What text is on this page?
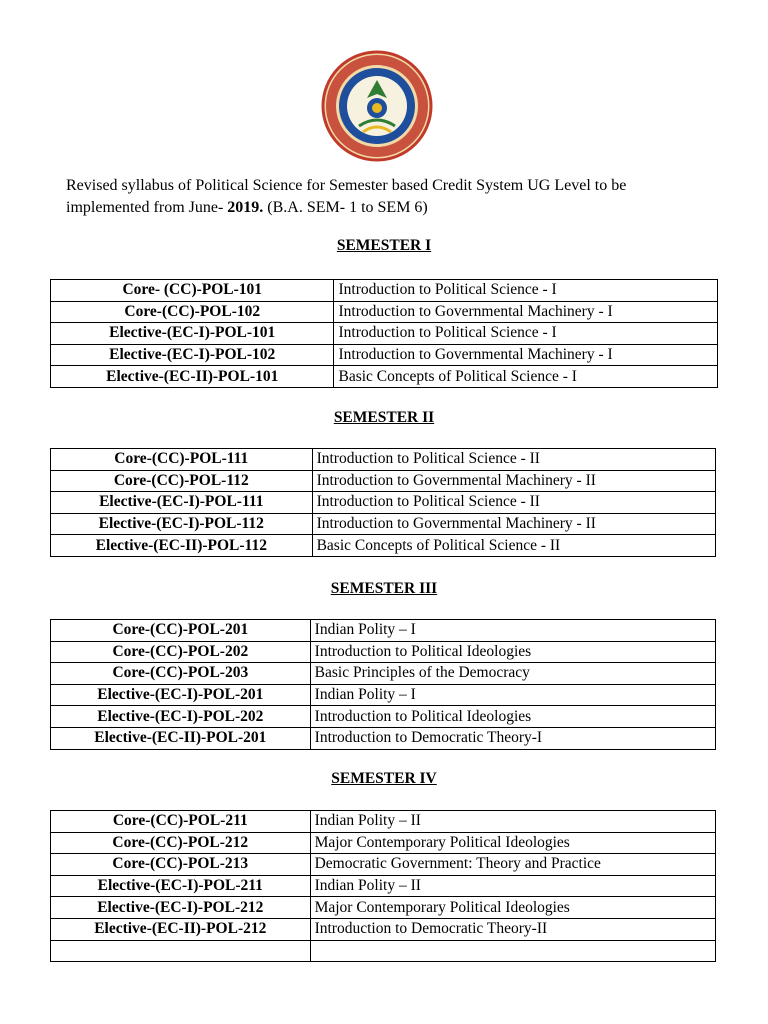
Revised syllabus of Political Science for Semester based Credit System UG Level to be
implemented from June- 2019. (B.A. SEM- 1 to SEM 6)
SEMESTER I
Core- (CC)-POL-101	Introduction to Political Science - I
Core-(CC)-POL-102	Introduction to Governmental Machinery - I
Elective-(EC-I)-POL-101	Introduction to Political Science - I
Elective-(EC-I)-POL-102	Introduction to Governmental Machinery - I
Elective-(EC-II)-POL-101	Basic Concepts of Political Science - I
SEMESTER II
Core-(CC)-POL-111	Introduction to Political Science - II
Core-(CC)-POL-112	Introduction to Governmental Machinery - II
Elective-(EC-I)-POL-111	Introduction to Political Science - II
Elective-(EC-I)-POL-112	Introduction to Governmental Machinery - II
Elective-(EC-II)-POL-112	Basic Concepts of Political Science - II
SEMESTER III
Core-(CC)-POL-201	Indian Polity – I
Core-(CC)-POL-202	Introduction to Political Ideologies
Core-(CC)-POL-203	Basic Principles of the Democracy
Elective-(EC-I)-POL-201	Indian Polity – I
Elective-(EC-I)-POL-202	Introduction to Political Ideologies
Elective-(EC-II)-POL-201	Introduction to Democratic Theory-I
SEMESTER IV
Core-(CC)-POL-211	Indian Polity – II
Core-(CC)-POL-212	Major Contemporary Political Ideologies
Core-(CC)-POL-213	Democratic Government: Theory and Practice
Elective-(EC-I)-POL-211	Indian Polity – II
Elective-(EC-I)-POL-212	Major Contemporary Political Ideologies
Elective-(EC-II)-POL-212	Introduction to Democratic Theory-II
